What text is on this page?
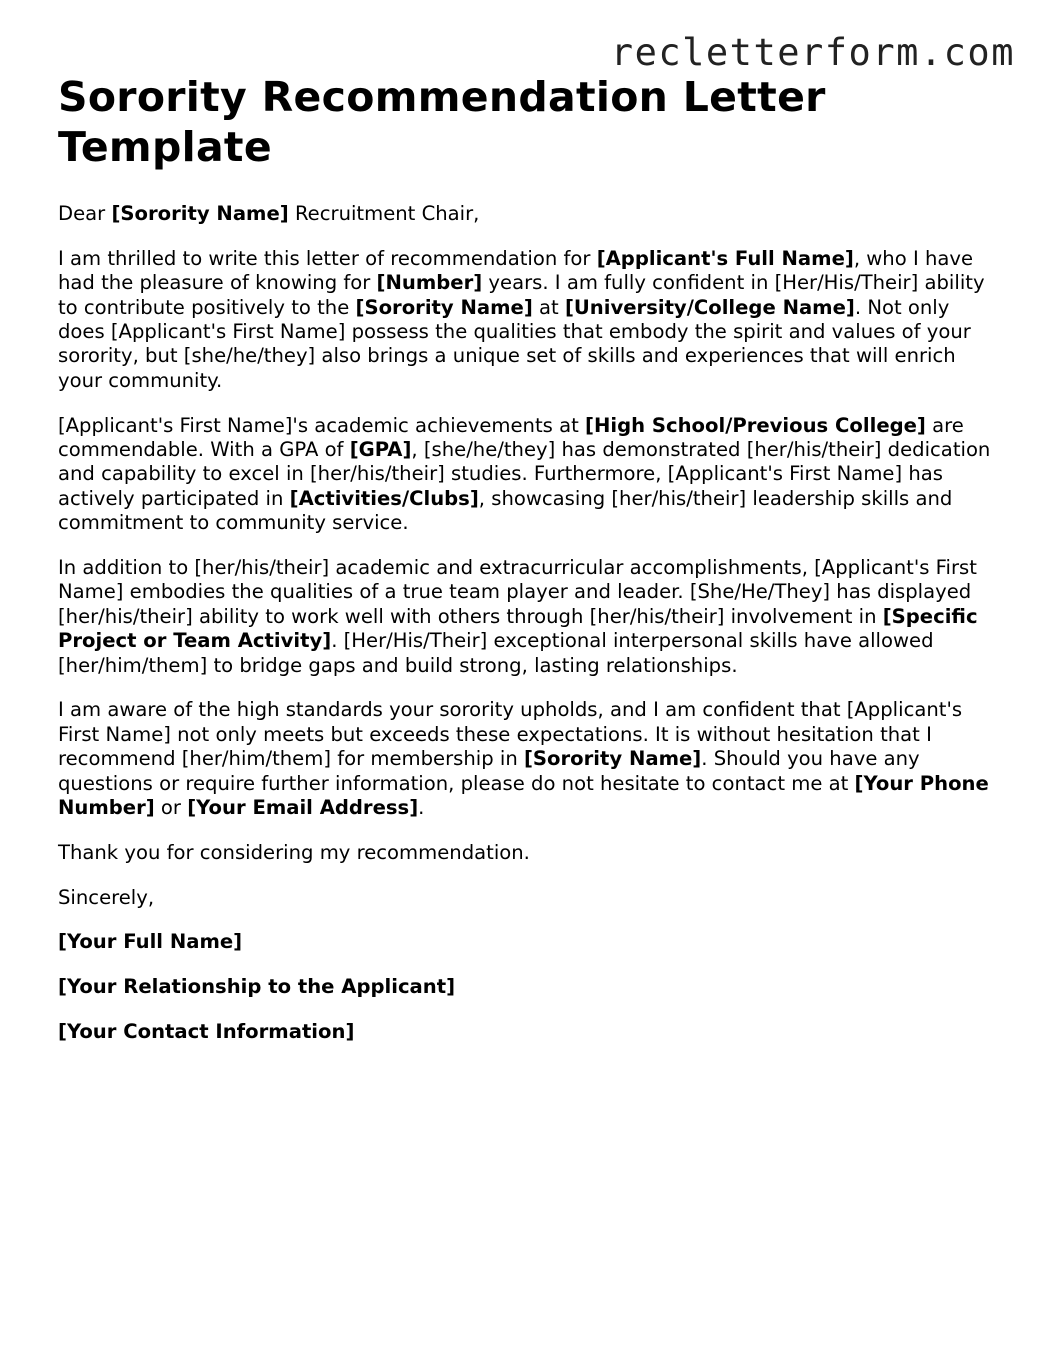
recletterform.com
Sorority Recommendation Letter Template

Dear [Sorority Name] Recruitment Chair,

I am thrilled to write this letter of recommendation for [Applicant's Full Name], who I have had the pleasure of knowing for [Number] years. I am fully confident in [Her/His/Their] ability to contribute positively to the [Sorority Name] at [University/College Name]. Not only does [Applicant's First Name] possess the qualities that embody the spirit and values of your sorority, but [she/he/they] also brings a unique set of skills and experiences that will enrich your community.

[Applicant's First Name]'s academic achievements at [High School/Previous College] are commendable. With a GPA of [GPA], [she/he/they] has demonstrated [her/his/their] dedication and capability to excel in [her/his/their] studies. Furthermore, [Applicant's First Name] has actively participated in [Activities/Clubs], showcasing [her/his/their] leadership skills and commitment to community service.

In addition to [her/his/their] academic and extracurricular accomplishments, [Applicant's First Name] embodies the qualities of a true team player and leader. [She/He/They] has displayed [her/his/their] ability to work well with others through [her/his/their] involvement in [Specific Project or Team Activity]. [Her/His/Their] exceptional interpersonal skills have allowed [her/him/them] to bridge gaps and build strong, lasting relationships.

I am aware of the high standards your sorority upholds, and I am confident that [Applicant's First Name] not only meets but exceeds these expectations. It is without hesitation that I recommend [her/him/them] for membership in [Sorority Name]. Should you have any questions or require further information, please do not hesitate to contact me at [Your Phone Number] or [Your Email Address].

Thank you for considering my recommendation.

Sincerely,

[Your Full Name]

[Your Relationship to the Applicant]

[Your Contact Information]
